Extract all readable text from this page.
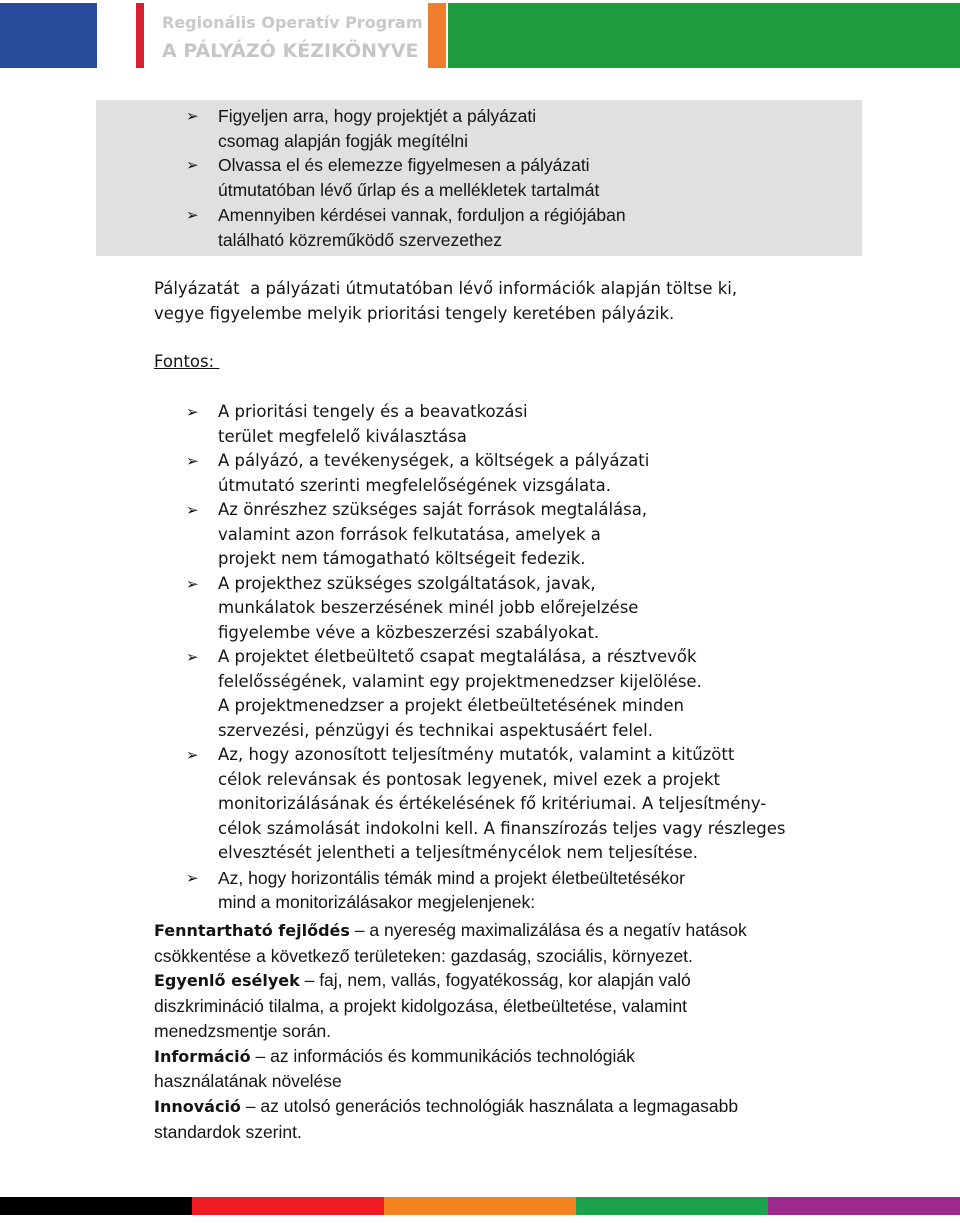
Regionális Operatív Program
A PÁLYÁZÓ KÉZIKÖNYVE
➢ Figyeljen arra, hogy projektjét a pályázati
csomag alapján fogják megítélni
➢ Olvassa el és elemezze figyelmesen a pályázati
útmutatóban lévő űrlap és a mellékletek tartalmát
➢ Amennyiben kérdései vannak, forduljon a régiójában
található közreműködő szervezethez

Pályázatát  a pályázati útmutatóban lévő információk alapján töltse ki,
vegye figyelembe melyik prioritási tengely keretében pályázik.

Fontos:

➢ A prioritási tengely és a beavatkozási
terület megfelelő kiválasztása
➢ A pályázó, a tevékenységek, a költségek a pályázati
útmutató szerinti megfelelőségének vizsgálata.
➢ Az önrészhez szükséges saját források megtalálása,
valamint azon források felkutatása, amelyek a
projekt nem támogatható költségeit fedezik.
➢ A projekthez szükséges szolgáltatások, javak,
munkálatok beszerzésének minél jobb előrejelzése
figyelembe véve a közbeszerzési szabályokat.
➢ A projektet életbeültető csapat megtalálása, a résztvevők
felelősségének, valamint egy projektmenedzser kijelölése.
A projektmenedzser a projekt életbeültetésének minden
szervezési, pénzügyi és technikai aspektusáért felel.
➢ Az, hogy azonosított teljesítmény mutatók, valamint a kitűzött
célok relevánsak és pontosak legyenek, mivel ezek a projekt
monitorizálásának és értékelésének fő kritériumai. A teljesítmény-
célok számolását indokolni kell. A finanszírozás teljes vagy részleges
elvesztését jelentheti a teljesítménycélok nem teljesítése.
➢ Az, hogy horizontális témák mind a projekt életbeültetésékor
mind a monitorizálásakor megjelenjenek:
Fenntartható fejlődés – a nyereség maximalizálása és a negatív hatások
csökkentése a következő területeken: gazdaság, szociális, környezet.
Egyenlő esélyek – faj, nem, vallás, fogyatékosság, kor alapján való
diszkrimináció tilalma, a projekt kidolgozása, életbeültetése, valamint
menedzsmentje során.
Információ – az információs és kommunikációs technológiák
használatának növelése
Innováció – az utolsó generációs technológiák használata a legmagasabb
standardok szerint.
